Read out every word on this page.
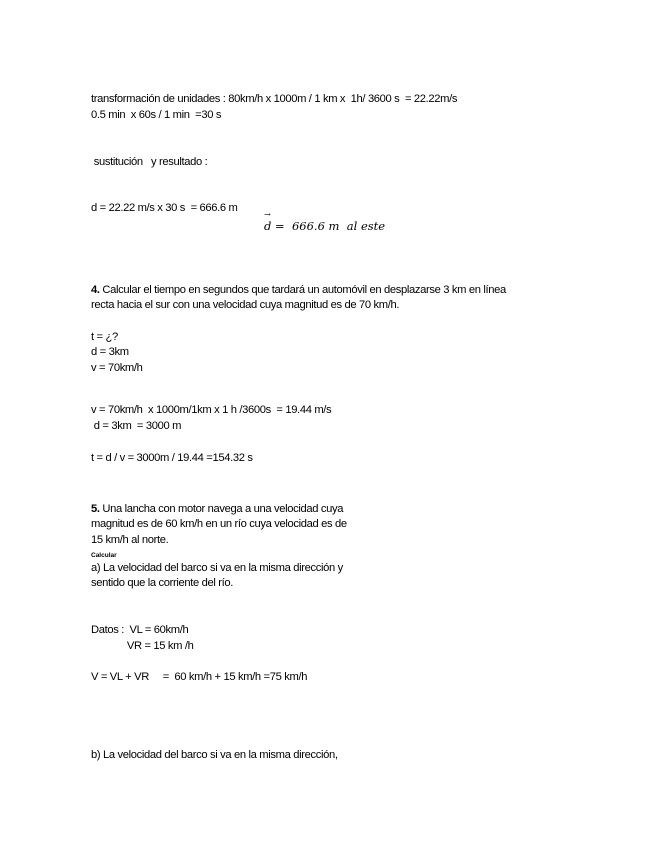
transformación de unidades : 80km/h x 1000m / 1 km x  1h/ 3600 s  = 22.22m/s
0.5 min  x 60s / 1 min  =30 s
sustitución   y resultado :
d = 22.22 m/s x 30 s  = 666.6 m
→ d =  666.6 m  al este
4. Calcular el tiempo en segundos que tardará un automóvil en desplazarse 3 km en línea
recta hacia el sur con una velocidad cuya magnitud es de 70 km/h.
t = ¿?
d = 3km
v = 70km/h
v = 70km/h  x 1000m/1km x 1 h /3600s  = 19.44 m/s
d = 3km  = 3000 m
t = d / v = 3000m / 19.44 =154.32 s
5. Una lancha con motor navega a una velocidad cuya
magnitud es de 60 km/h en un río cuya velocidad es de
15 km/h al norte.
Calcular
a) La velocidad del barco si va en la misma dirección y
sentido que la corriente del río.
Datos :  VL = 60km/h
VR = 15 km /h
V = VL + VR     =  60 km/h + 15 km/h =75 km/h
b) La velocidad del barco si va en la misma dirección,
